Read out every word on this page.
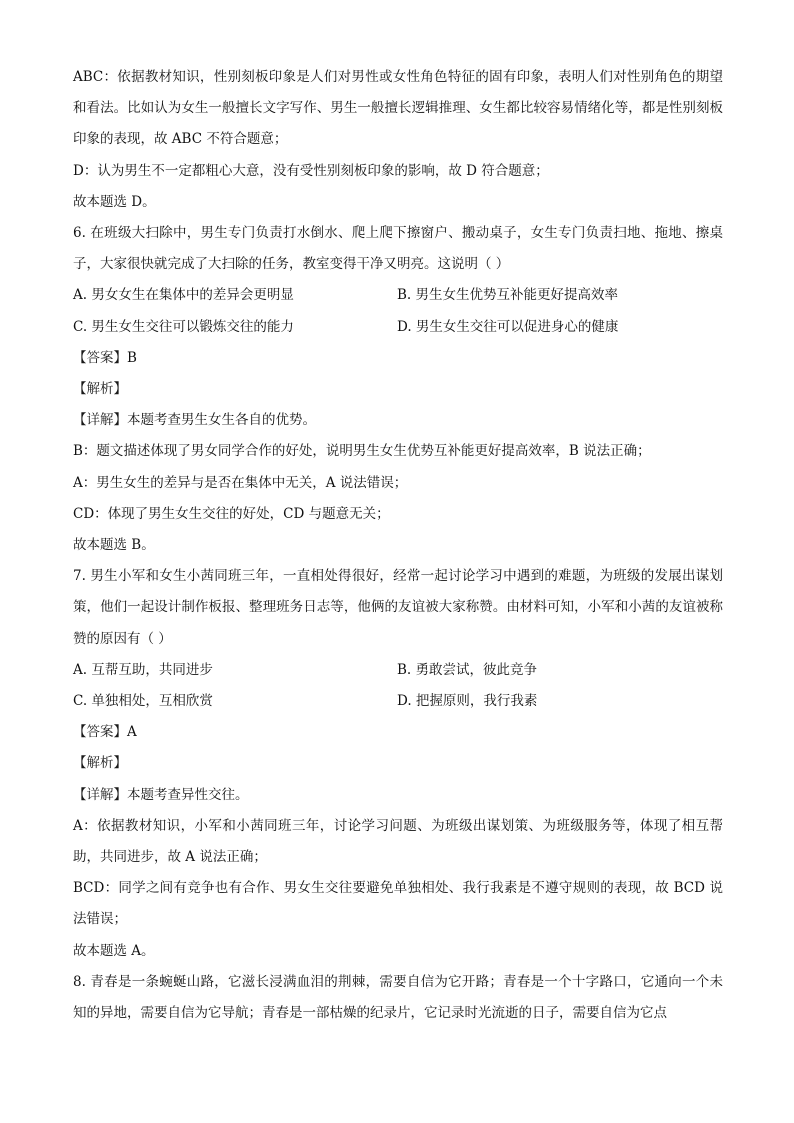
ABC：依据教材知识，性别刻板印象是人们对男性或女性角色特征的固有印象，表明人们对性别角色的期望和看法。比如认为女生一般擅长文字写作、男生一般擅长逻辑推理、女生都比较容易情绪化等，都是性别刻板印象的表现，故 ABC 不符合题意；

D：认为男生不一定都粗心大意，没有受性别刻板印象的影响，故 D 符合题意；

故本题选 D。

6. 在班级大扫除中，男生专门负责打水倒水、爬上爬下擦窗户、搬动桌子，女生专门负责扫地、拖地、擦桌子，大家很快就完成了大扫除的任务，教室变得干净又明亮。这说明（ ）

A. 男女女生在集体中的差异会更明显	B. 男生女生优势互补能更好提高效率
C. 男生女生交往可以锻炼交往的能力	D. 男生女生交往可以促进身心的健康

【答案】B

【解析】

【详解】本题考查男生女生各自的优势。

B：题文描述体现了男女同学合作的好处，说明男生女生优势互补能更好提高效率，B 说法正确；

A：男生女生的差异与是否在集体中无关，A 说法错误；

CD：体现了男生女生交往的好处，CD 与题意无关；

故本题选 B。

7. 男生小军和女生小茜同班三年，一直相处得很好，经常一起讨论学习中遇到的难题，为班级的发展出谋划策，他们一起设计制作板报、整理班务日志等，他俩的友谊被大家称赞。由材料可知，小军和小茜的友谊被称赞的原因有（ ）

A. 互帮互助，共同进步	B. 勇敢尝试，彼此竞争
C. 单独相处，互相欣赏	D. 把握原则，我行我素

【答案】A

【解析】

【详解】本题考查异性交往。

A：依据教材知识，小军和小茜同班三年，讨论学习问题、为班级出谋划策、为班级服务等，体现了相互帮助，共同进步，故 A 说法正确；

BCD：同学之间有竞争也有合作、男女生交往要避免单独相处、我行我素是不遵守规则的表现，故 BCD 说法错误；

故本题选 A。

8. 青春是一条蜿蜒山路，它滋长浸满血泪的荆棘，需要自信为它开路；青春是一个十字路口，它通向一个未知的异地，需要自信为它导航；青春是一部枯燥的纪录片，它记录时光流逝的日子，需要自信为它点
